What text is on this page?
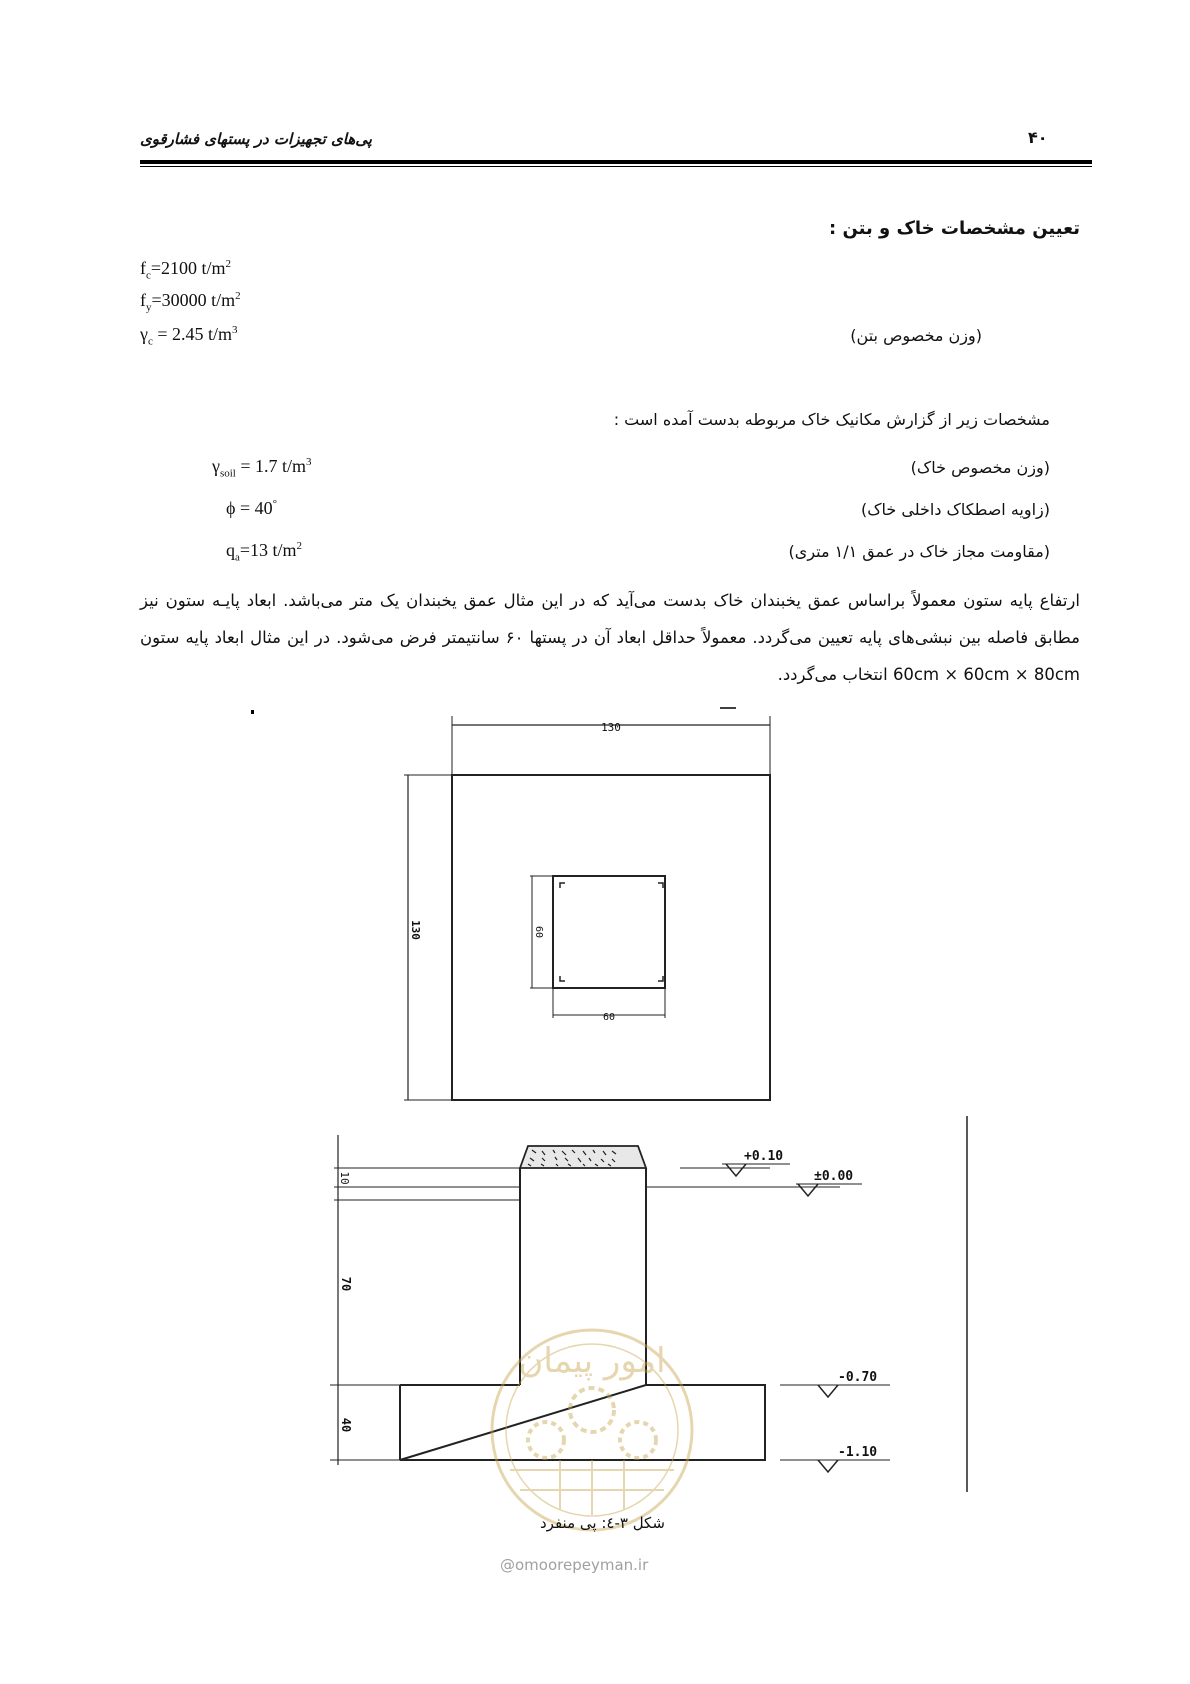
پی‌های تجهیزات در پستهای فشارقوی	۴۰
تعیین مشخصات خاک و بتن :
$f_c=2100$ $t/m^2$
$f_y=30000$ $t/m^2$
$\gamma_c = 2.45$ $t/m^3$	(وزن مخصوص بتن)
مشخصات زیر از گزارش مکانیک خاک مربوطه بدست آمده است :
$\gamma_{soil} = 1.7$ $t/m^3$	(وزن مخصوص خاک)
ϕ = 40°	(زاویه اصطکاک داخلی خاک)
$q_a=13$ $t/m^2$	(مقاومت مجاز خاک در عمق ۱/۱ متری)
ارتفاع پایه ستون معمولاً براساس عمق یخبندان خاک بدست می‌آید که در این مثال عمق یخبندان یک متر می‌باشد. ابعاد پایـه ستون نیز مطابق فاصله بین نبشی‌های پایه تعیین می‌گردد. معمولاً حداقل ابعاد آن در پستها ۶۰ سانتیمتر فرض می‌شود. در این مثال ابعاد پایه ستون 60cm × 60cm × 80cm انتخاب می‌گردد.
130
130	60
60
10
70
40
+0.10
±0.00
-0.70
-1.10
امور پیمان
شکل ۳-٤: پی منفرد
@omoorepeyman.ir
